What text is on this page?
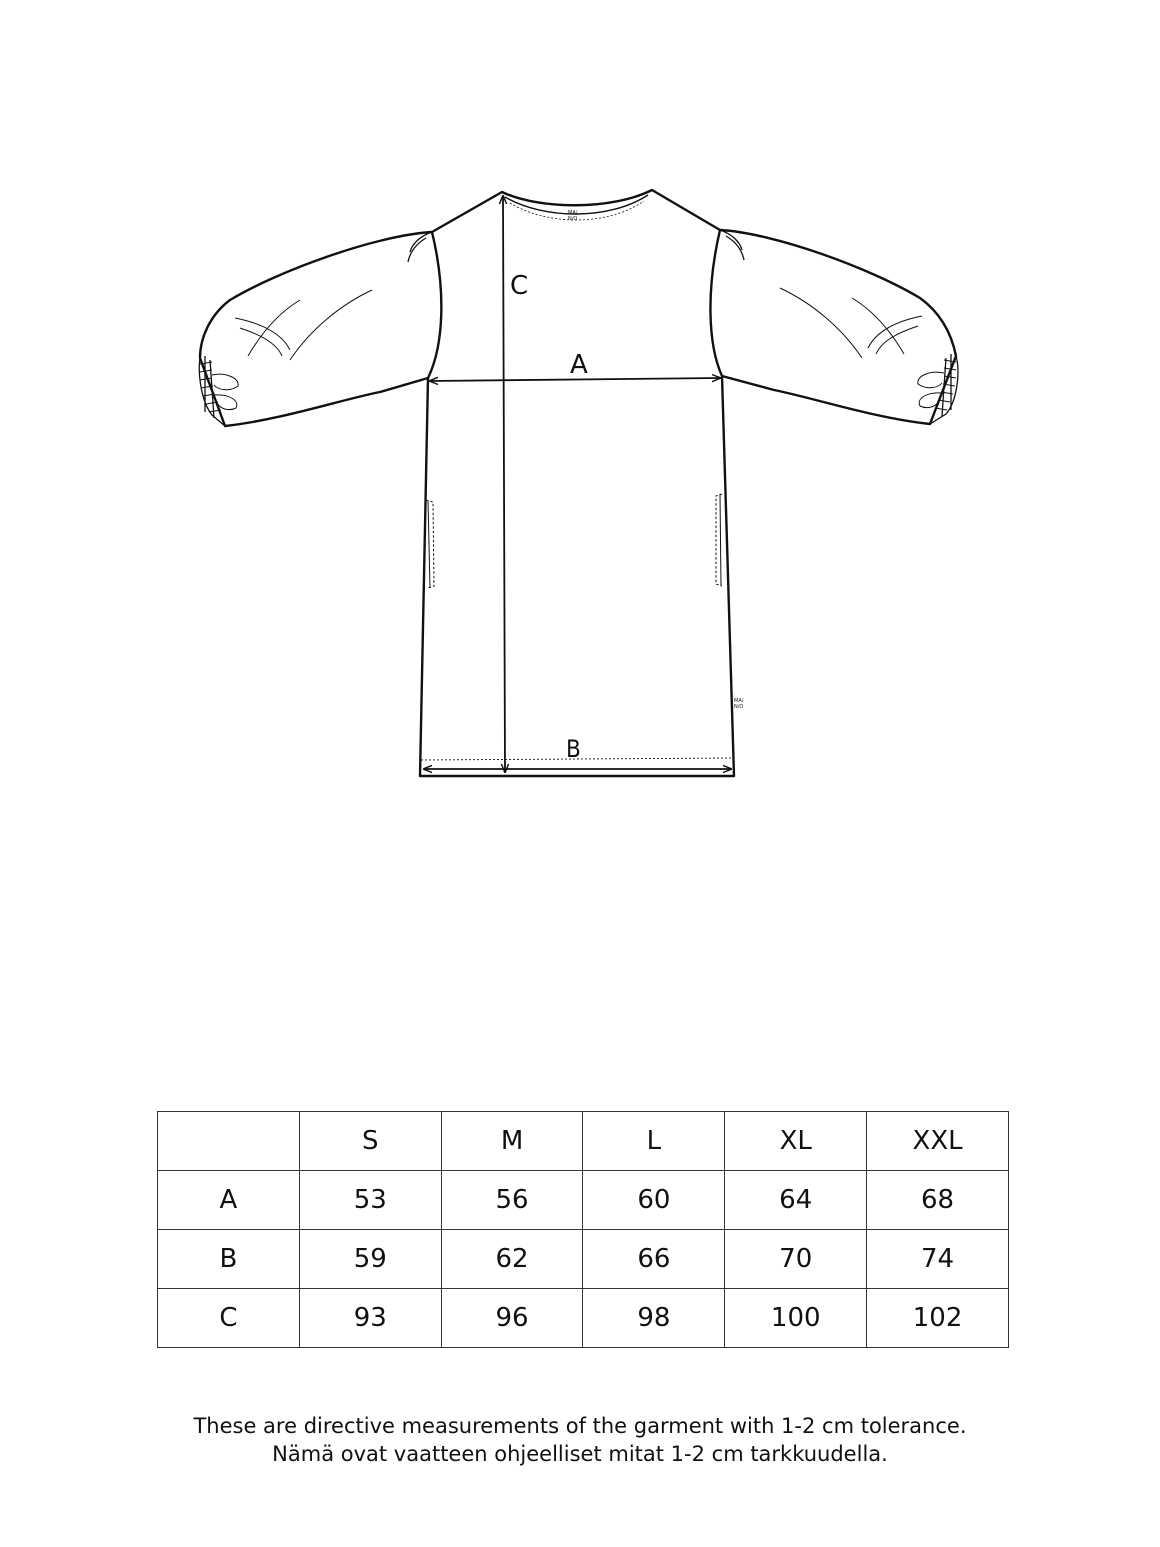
MA/
N/O
MA/
N/O
A
B
C
	S	M	L	XL	XXL
A	53	56	60	64	68
B	59	62	66	70	74
C	93	96	98	100	102
These are directive measurements of the garment with 1-2 cm tolerance.
Nämä ovat vaatteen ohjeelliset mitat 1-2 cm tarkkuudella.
